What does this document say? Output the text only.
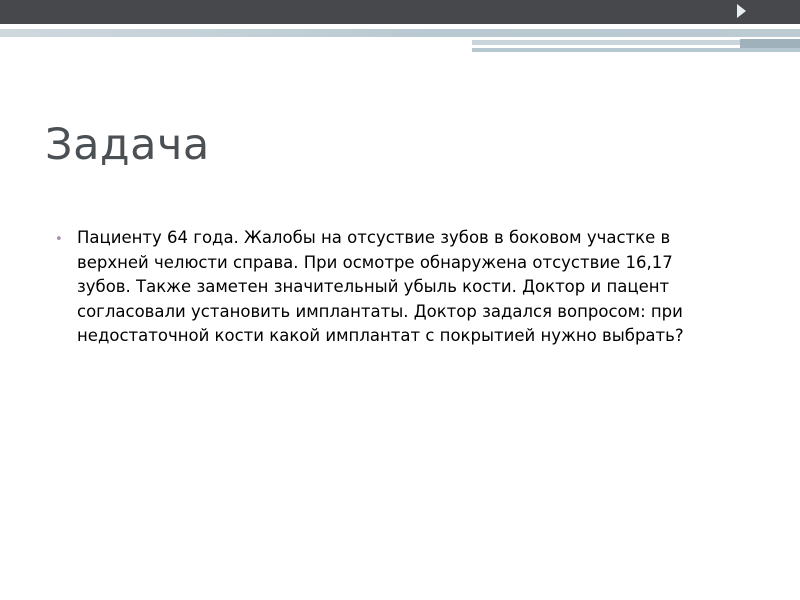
Задача
• Пациенту 64 года. Жалобы на отсуствие зубов в боковом участке в верхней челюсти справа. При осмотре обнаружена отсуствие 16,17 зубов. Также заметен значительный убыль кости. Доктор и пацент согласовали установить имплантаты. Доктор задался вопросом: при недостаточной кости какой имплантат с покрытией нужно выбрать?
